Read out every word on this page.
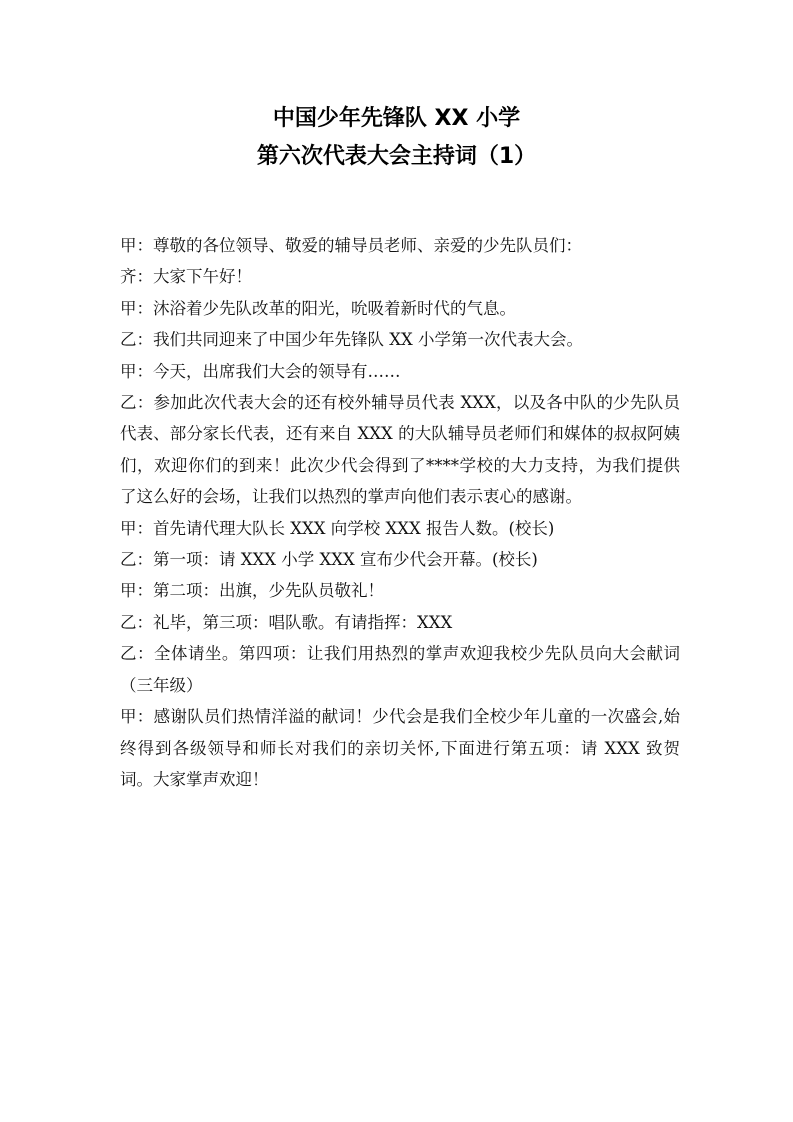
中国少年先锋队 XX 小学
第六次代表大会主持词（1）

甲：尊敬的各位领导、敬爱的辅导员老师、亲爱的少先队员们：

齐：大家下午好！

甲：沐浴着少先队改革的阳光，吮吸着新时代的气息。

乙：我们共同迎来了中国少年先锋队 XX 小学第一次代表大会。

甲：今天，出席我们大会的领导有……

乙：参加此次代表大会的还有校外辅导员代表 XXX，以及各中队的少先队员代表、部分家长代表，还有来自 XXX 的大队辅导员老师们和媒体的叔叔阿姨们，欢迎你们的到来！此次少代会得到了****学校的大力支持，为我们提供了这么好的会场，让我们以热烈的掌声向他们表示衷心的感谢。

甲：首先请代理大队长 XXX 向学校 XXX 报告人数。(校长)

乙：第一项：请 XXX 小学 XXX 宣布少代会开幕。(校长)

甲：第二项：出旗，少先队员敬礼！

乙：礼毕，第三项：唱队歌。有请指挥：XXX

乙：全体请坐。第四项：让我们用热烈的掌声欢迎我校少先队员向大会献词（三年级）

甲：感谢队员们热情洋溢的献词！少代会是我们全校少年儿童的一次盛会,始终得到各级领导和师长对我们的亲切关怀,下面进行第五项：请 XXX 致贺词。大家掌声欢迎！
